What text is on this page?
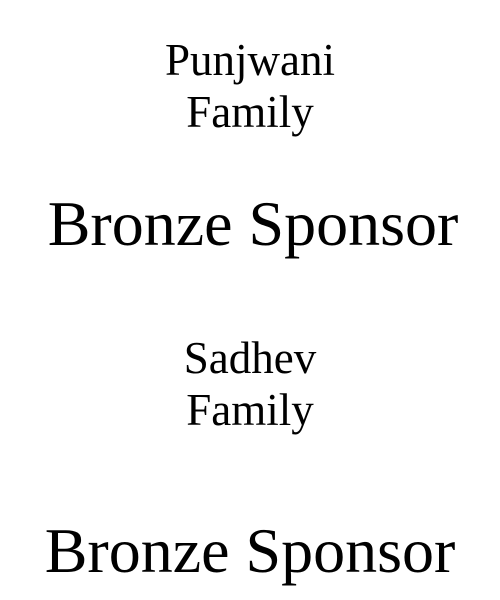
Punjwani

Family

Bronze Sponsor

Sadhev

Family

Bronze Sponsor
